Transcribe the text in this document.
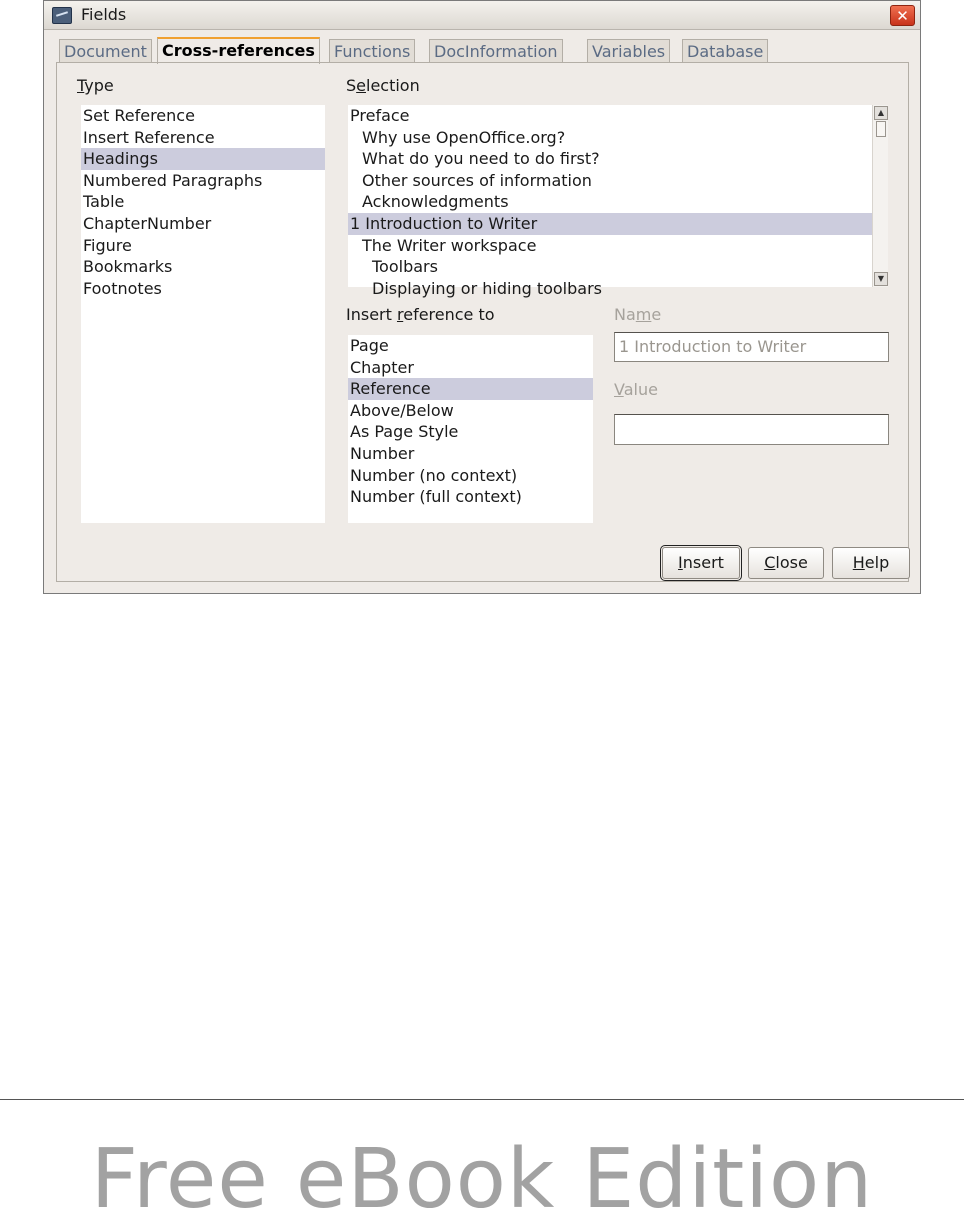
Fields	✕
Document Cross-references	Functions	DocInformation	Variables	Database
Type
Set Reference
Insert Reference
Headings
Numbered Paragraphs
Table
ChapterNumber
Figure
Bookmarks
Footnotes
Selection
Preface
Why use OpenOffice.org?
What do you need to do first?
Other sources of information
Acknowledgments
1 Introduction to Writer
The Writer workspace
Toolbars
Displaying or hiding toolbars
▲
▼
Insert reference to
Page
Chapter
Reference
Above/Below
As Page Style
Number
Number (no context)
Number (full context)
Name
1 Introduction to Writer
Value
Insert	Close	Help
Free eBook Edition
